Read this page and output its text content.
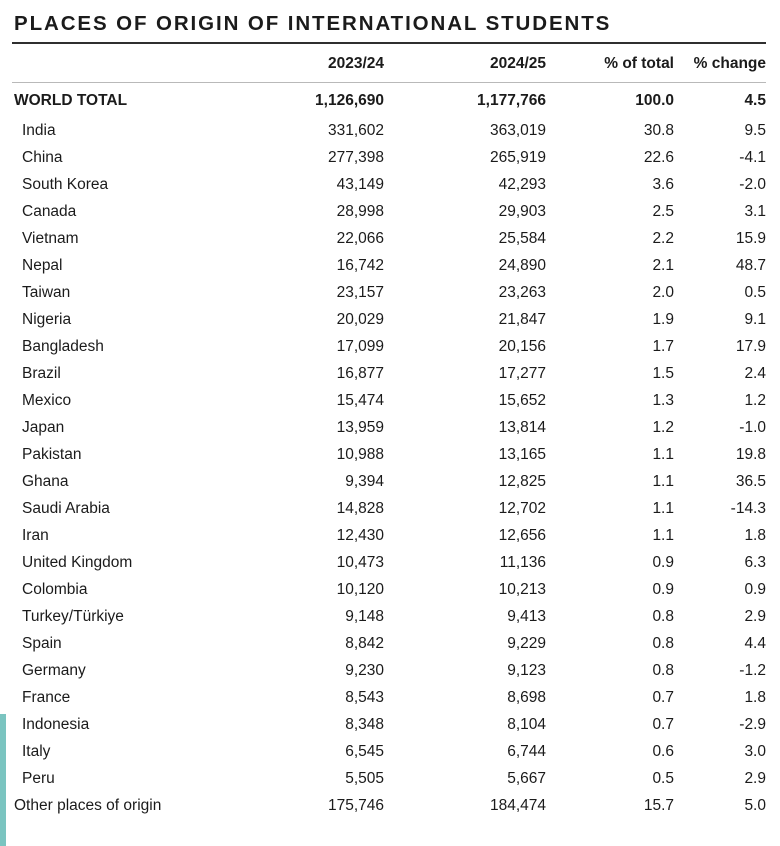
PLACES OF ORIGIN OF INTERNATIONAL STUDENTS
	2023/24	2024/25	% of total	% change
WORLD TOTAL	1,126,690	1,177,766	100.0	4.5
India	331,602	363,019	30.8	9.5
China	277,398	265,919	22.6	-4.1
South Korea	43,149	42,293	3.6	-2.0
Canada	28,998	29,903	2.5	3.1
Vietnam	22,066	25,584	2.2	15.9
Nepal	16,742	24,890	2.1	48.7
Taiwan	23,157	23,263	2.0	0.5
Nigeria	20,029	21,847	1.9	9.1
Bangladesh	17,099	20,156	1.7	17.9
Brazil	16,877	17,277	1.5	2.4
Mexico	15,474	15,652	1.3	1.2
Japan	13,959	13,814	1.2	-1.0
Pakistan	10,988	13,165	1.1	19.8
Ghana	9,394	12,825	1.1	36.5
Saudi Arabia	14,828	12,702	1.1	-14.3
Iran	12,430	12,656	1.1	1.8
United Kingdom	10,473	11,136	0.9	6.3
Colombia	10,120	10,213	0.9	0.9
Turkey/Türkiye	9,148	9,413	0.8	2.9
Spain	8,842	9,229	0.8	4.4
Germany	9,230	9,123	0.8	-1.2
France	8,543	8,698	0.7	1.8
Indonesia	8,348	8,104	0.7	-2.9
Italy	6,545	6,744	0.6	3.0
Peru	5,505	5,667	0.5	2.9
Other places of origin	175,746	184,474	15.7	5.0
